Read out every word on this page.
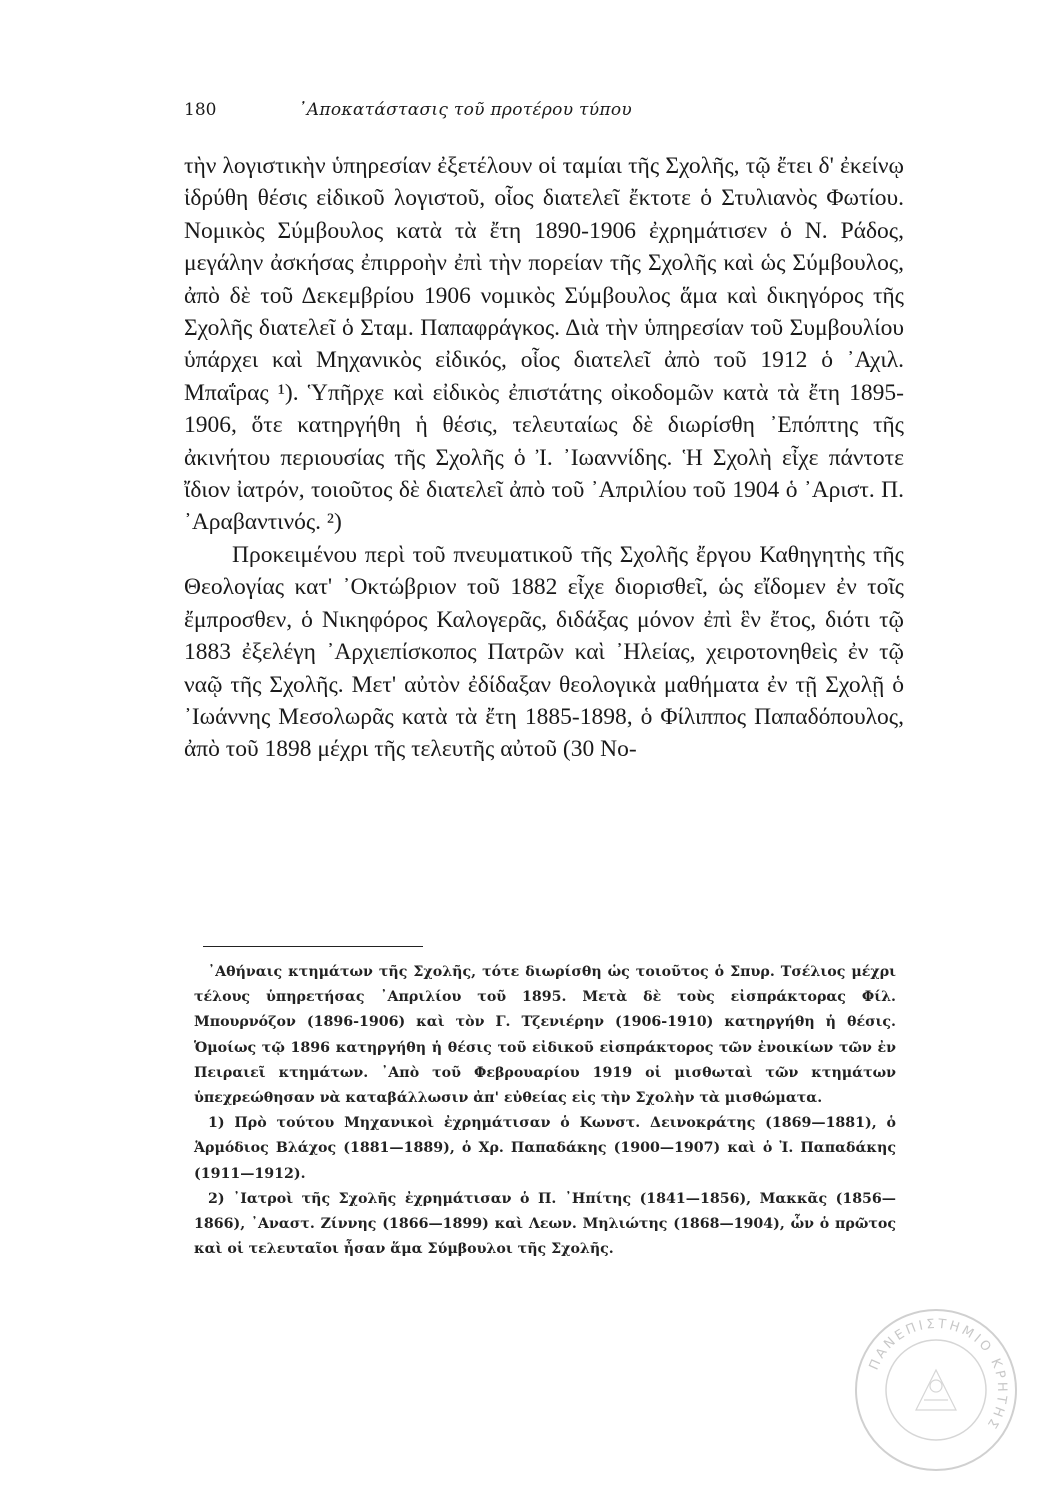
180	᾿Αποκατάστασις τοῦ προτέρου τύπου

τὴν λογιστικὴν ὑπηρεσίαν ἐξετέλουν οἱ ταμίαι τῆς Σχολῆς, τῷ ἔτει δ' ἐκείνῳ ἱδρύθη θέσις εἰδικοῦ λογιστοῦ, οἷος διατελεῖ ἔκτοτε ὁ Στυλιανὸς Φωτίου. Νομικὸς Σύμβουλος κατὰ τὰ ἔτη 1890-1906 ἐχρημάτισεν ὁ Ν. Ράδος, μεγάλην ἀσκήσας ἐπιρροὴν ἐπὶ τὴν πορείαν τῆς Σχολῆς καὶ ὡς Σύμβουλος, ἀπὸ δὲ τοῦ Δεκεμβρίου 1906 νομικὸς Σύμβουλος ἅμα καὶ δικηγόρος τῆς Σχολῆς διατελεῖ ὁ Σταμ. Παπαφράγκος. Διὰ τὴν ὑπηρεσίαν τοῦ Συμβουλίου ὑπάρχει καὶ Μηχανικὸς εἰδικός, οἷος διατελεῖ ἀπὸ τοῦ 1912 ὁ ᾿Αχιλ. Μπαΐρας ¹). Ὑπῆρχε καὶ εἰδικὸς ἐπιστάτης οἰκοδομῶν κατὰ τὰ ἔτη 1895-1906, ὅτε κατηργήθη ἡ θέσις, τελευταίως δὲ διωρίσθη ᾿Επόπτης τῆς ἀκινήτου περιουσίας τῆς Σχολῆς ὁ Ἰ. ᾿Ιωαννίδης. Ἡ Σχολὴ εἶχε πάντοτε ἴδιον ἰατρόν, τοιοῦτος δὲ διατελεῖ ἀπὸ τοῦ ᾿Απριλίου τοῦ 1904 ὁ ᾿Αριστ. Π. ᾿Αραβαντινός. ²)

Προκειμένου περὶ τοῦ πνευματικοῦ τῆς Σχολῆς ἔργου Καθηγητὴς τῆς Θεολογίας κατ' ᾿Οκτώβριον τοῦ 1882 εἶχε διορισθεῖ, ὡς εἴδομεν ἐν τοῖς ἔμπροσθεν, ὁ Νικηφόρος Καλογερᾶς, διδάξας μόνον ἐπὶ ἓν ἔτος, διότι τῷ 1883 ἐξελέγη ᾿Αρχιεπίσκοπος Πατρῶν καὶ ᾿Ηλείας, χειροτονηθεὶς ἐν τῷ ναῷ τῆς Σχολῆς. Μετ' αὐτὸν ἐδίδαξαν θεολογικὰ μαθήματα ἐν τῇ Σχολῇ ὁ ᾿Ιωάννης Μεσολωρᾶς κατὰ τὰ ἔτη 1885-1898, ὁ Φίλιππος Παπαδόπουλος, ἀπὸ τοῦ 1898 μέχρι τῆς τελευτῆς αὐτοῦ (30 Νο-

᾿Αθήναις κτημάτων τῆς Σχολῆς, τότε διωρίσθη ὡς τοιοῦτος ὁ Σπυρ. Τσέλιος μέχρι τέλους ὑπηρετήσας ᾿Απριλίου τοῦ 1895. Μετὰ δὲ τοὺς εἰσπράκτορας Φίλ. Μπουρνόζον (1896-1906) καὶ τὸν Γ. Τζενιέρην (1906-1910) κατηργήθη ἡ θέσις. Ὁμοίως τῷ 1896 κατηργήθη ἡ θέσις τοῦ εἰδικοῦ εἰσπράκτορος τῶν ἐνοικίων τῶν ἐν Πειραιεῖ κτημάτων. ᾿Απὸ τοῦ Φεβρουαρίου 1919 οἱ μισθωταὶ τῶν κτημάτων ὑπεχρεώθησαν νὰ καταβάλλωσιν ἀπ' εὐθείας εἰς τὴν Σχολὴν τὰ μισθώματα.

1) Πρὸ τούτου Μηχανικοὶ ἐχρημάτισαν ὁ Κωνστ. Δεινοκράτης (1869—1881), ὁ Ἁρμόδιος Βλάχος (1881—1889), ὁ Χρ. Παπαδάκης (1900—1907) καὶ ὁ Ἰ. Παπαδάκης (1911—1912).

2) ᾿Ιατροὶ τῆς Σχολῆς ἐχρημάτισαν ὁ Π. ᾿Ηπίτης (1841—1856), Μακκᾶς (1856—1866), ᾿Αναστ. Ζίννης (1866—1899) καὶ Λεων. Μηλιώτης (1868—1904), ὧν ὁ πρῶτος καὶ οἱ τελευταῖοι ἦσαν ἅμα Σύμβουλοι τῆς Σχολῆς.

ΠΑΝΕΠΙΣΤΗΜΙΟ ΚΡΗΤΗΣ
